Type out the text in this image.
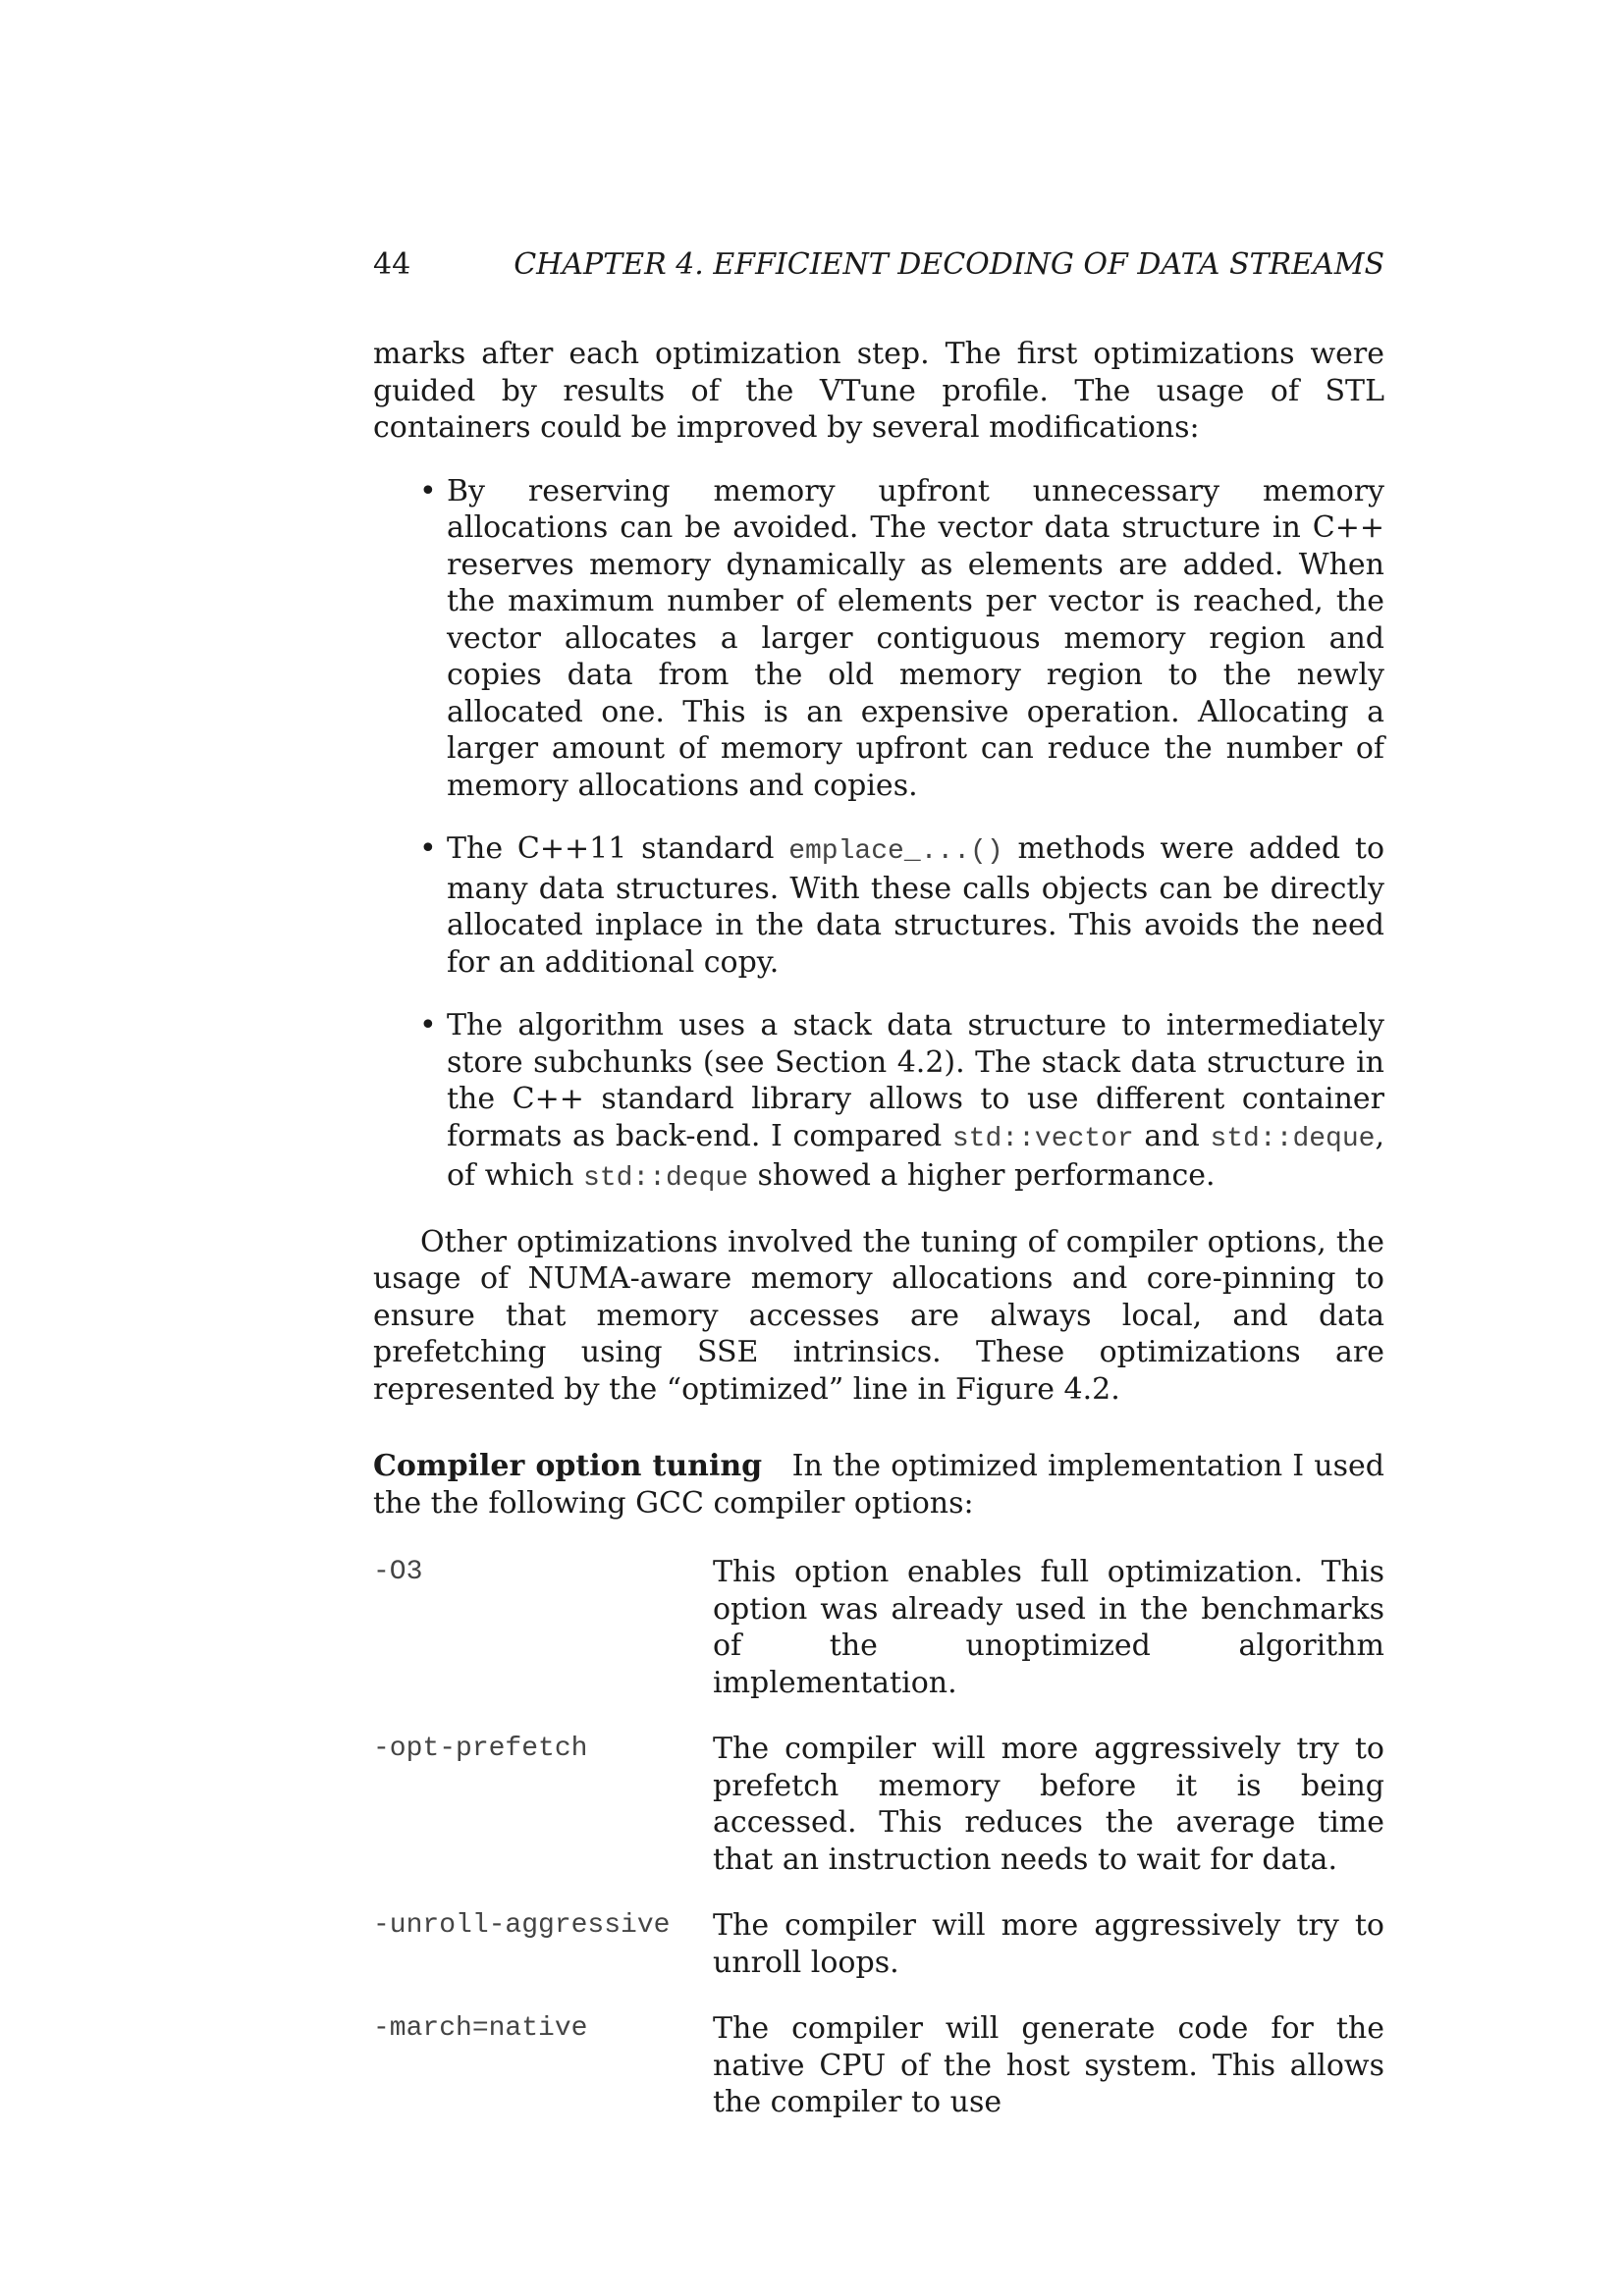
44	CHAPTER 4. EFFICIENT DECODING OF DATA STREAMS

marks after each optimization step. The first optimizations were guided by results of the VTune profile. The usage of STL containers could be improved by several modifications:

• By reserving memory upfront unnecessary memory allocations can be avoided. The vector data structure in C++ reserves memory dynamically as elements are added. When the maximum number of elements per vector is reached, the vector allocates a larger contiguous memory region and copies data from the old memory region to the newly allocated one. This is an expensive operation. Allocating a larger amount of memory upfront can reduce the number of memory allocations and copies.
• The C++11 standard emplace_...() methods were added to many data structures. With these calls objects can be directly allocated inplace in the data structures. This avoids the need for an additional copy.
• The algorithm uses a stack data structure to intermediately store subchunks (see Section 4.2). The stack data structure in the C++ standard library allows to use different container formats as back-end. I compared std::vector and std::deque, of which std::deque showed a higher performance.

Other optimizations involved the tuning of compiler options, the usage of NUMA-aware memory allocations and core-pinning to ensure that memory accesses are always local, and data prefetching using SSE intrinsics. These optimizations are represented by the “optimized” line in Figure 4.2.

Compiler option tuning In the optimized implementation I used the the following GCC compiler options:

-O3	This option enables full optimization. This option was already used in the benchmarks of the unoptimized algorithm implementation.
-opt-prefetch	The compiler will more aggressively try to prefetch memory before it is being accessed. This reduces the average time that an instruction needs to wait for data.
-unroll-aggressive	The compiler will more aggressively try to unroll loops.
-march=native	The compiler will generate code for the native CPU of the host system. This allows the compiler to use
